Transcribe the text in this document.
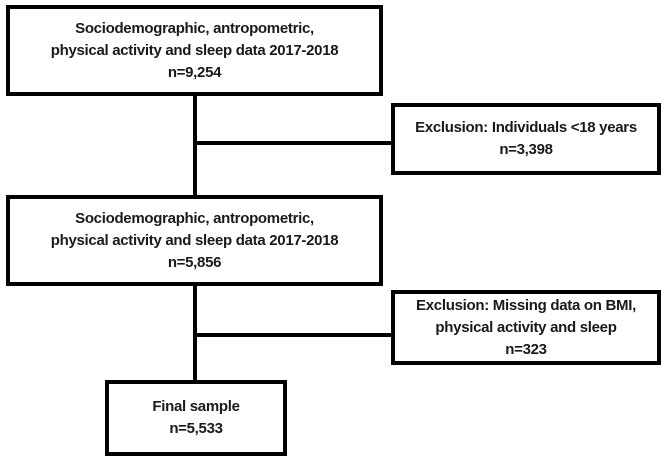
Sociodemographic, antropometric,
physical activity and sleep data 2017-2018
n=9,254
Exclusion: Individuals <18 years
n=3,398
Sociodemographic, antropometric,
physical activity and sleep data 2017-2018
n=5,856
Exclusion: Missing data on BMI,
physical activity and sleep
n=323
Final sample
n=5,533
